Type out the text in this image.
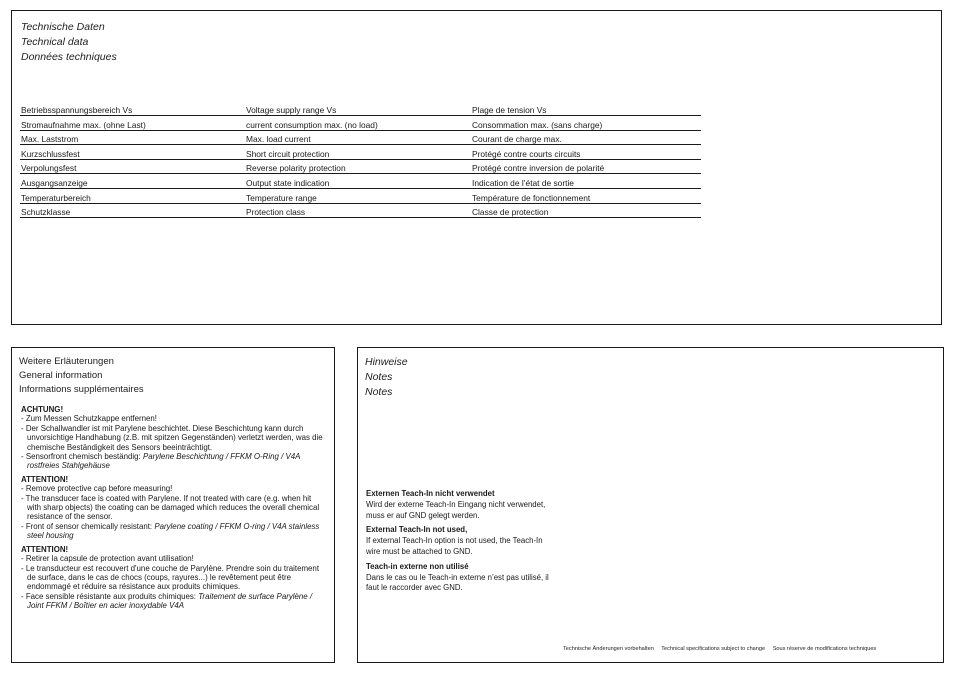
Technische Daten
Technical data
Données techniques
Betriebsspannungsbereich Vs	Voltage supply range Vs	Plage de tension Vs
Stromaufnahme max. (ohne Last)	current consumption max. (no load)	Consommation max. (sans charge)
Max. Laststrom	Max. load current	Courant de charge max.
Kurzschlussfest	Short circuit protection	Protégé contre courts circuits
Verpolungsfest	Reverse polarity protection	Protégé contre inversion de polarité
Ausgangsanzeige	Output state indication	Indication de l’état de sortie
Temperaturbereich	Temperature range	Température de fonctionnement
Schutzklasse	Protection class	Classe de protection
Weitere Erläuterungen
General information
Informations supplémentaires
ACHTUNG!
- Zum Messen Schutzkappe entfernen!
- Der Schallwandler ist mit Parylene beschichtet. Diese Beschichtung kann durch unvorsichtige Handhabung (z.B. mit spitzen Gegenständen) verletzt werden, was die chemische Beständigkeit des Sensors beeinträchtigt.
- Sensorfront chemisch beständig: Parylene Beschichtung / FFKM O-Ring / V4A rostfreies Stahlgehäuse
ATTENTION!
- Remove protective cap before measuring!
- The transducer face is coated with Parylene. If not treated with care (e.g. when hit with sharp objects) the coating can be damaged which reduces the overall chemical resistance of the sensor.
- Front of sensor chemically resistant: Parylene coating / FFKM O-ring / V4A stainless steel housing
ATTENTION!
- Retirer la capsule de protection avant utilisation!
- Le transducteur est recouvert d'une couche de Parylène. Prendre soin du traitement de surface, dans le cas de chocs (coups, rayures...) le revêtement peut être endommagé et réduire sa résistance aux produits chimiques.
- Face sensible résistante aux produits chimiques: Traitement de surface Parylène / Joint FFKM / Boîtier en acier inoxydable V4A
Hinweise
Notes
Notes
Externen Teach-In nicht verwendet
Wird der externe Teach-In Eingang nicht verwendet, muss er auf GND gelegt werden.
External Teach-In not used,
If external Teach-In option is not used, the Teach-In wire must be attached to GND.
Teach-in externe non utilisé
Dans le cas ou le Teach-in externe n’est pas utilisé, il faut le raccorder avec GND.
Technische Änderungen vorbehalten Technical specifications subject to change Sous réserve de modifications techniques
